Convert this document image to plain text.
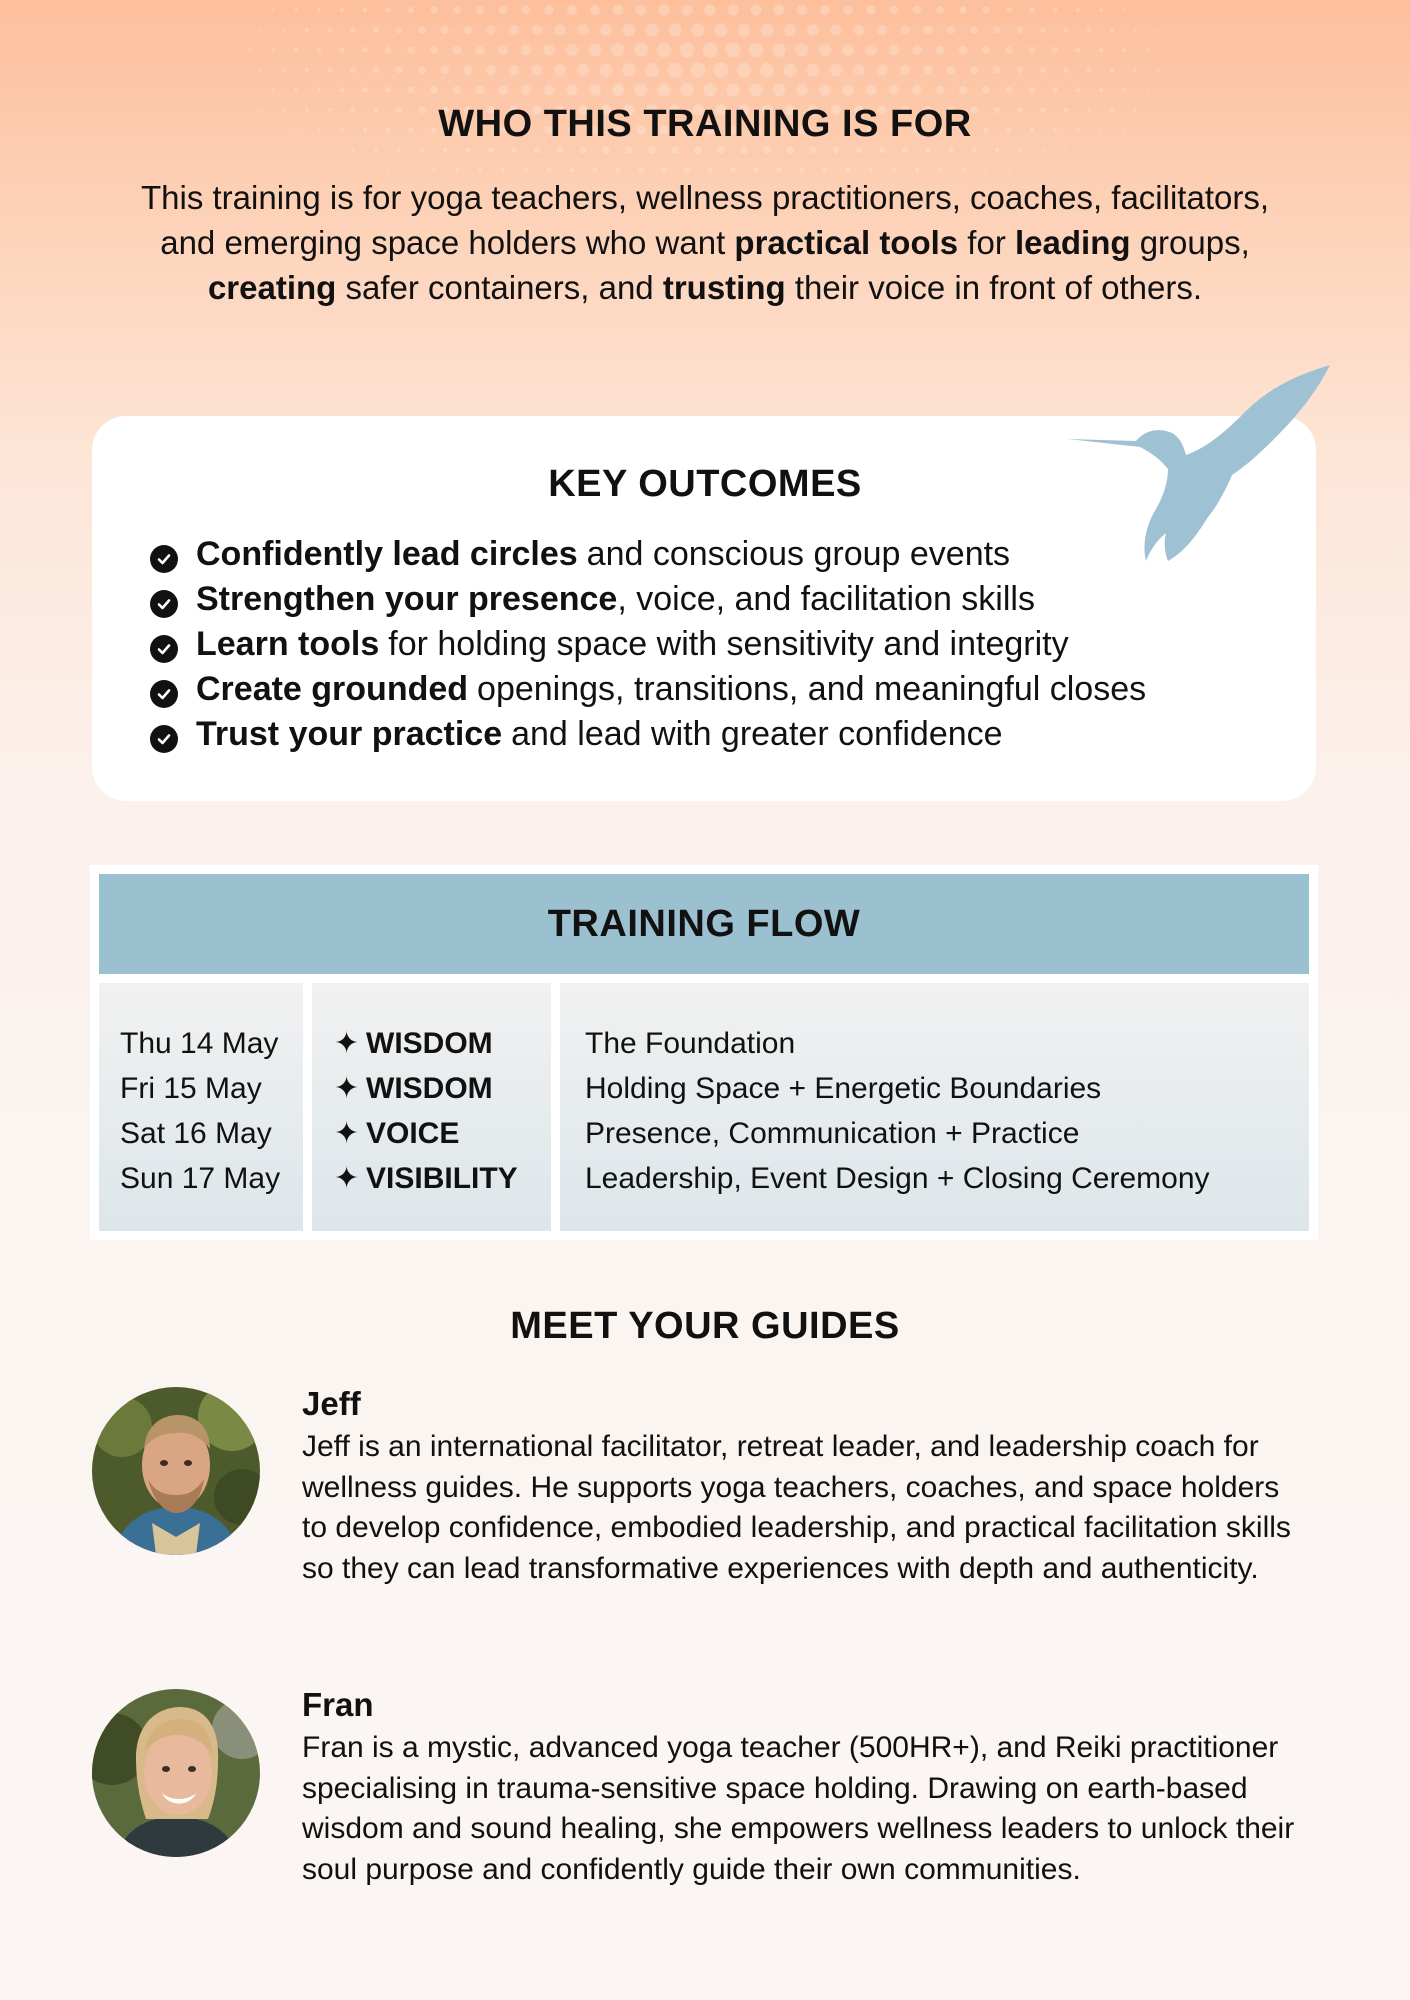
WHO THIS TRAINING IS FOR

This training is for yoga teachers, wellness practitioners, coaches, facilitators, and emerging space holders who want practical tools for leading groups, creating safer containers, and trusting their voice in front of others.

KEY OUTCOMES
Confidently lead circles and conscious group events
Strengthen your presence , voice, and facilitation skills
Learn tools for holding space with sensitivity and integrity
Create grounded openings, transitions, and meaningful closes
Trust your practice and lead with greater confidence
TRAINING FLOW
Thu 14 May
Fri 15 May
Sat 16 May
Sun 17 May
✦ WISDOM
✦ WISDOM
✦ VOICE
✦ VISIBILITY
The Foundation
Holding Space + Energetic Boundaries
Presence, Communication + Practice
Leadership, Event Design + Closing Ceremony
MEET YOUR GUIDES
Jeff

Jeff is an international facilitator, retreat leader, and leadership coach for wellness guides. He supports yoga teachers, coaches, and space holders to develop confidence, embodied leadership, and practical facilitation skills so they can lead transformative experiences with depth and authenticity.

Fran

Fran is a mystic, advanced yoga teacher (500HR+), and Reiki practitioner specialising in trauma-sensitive space holding. Drawing on earth-based wisdom and sound healing, she empowers wellness leaders to unlock their soul purpose and confidently guide their own communities.
